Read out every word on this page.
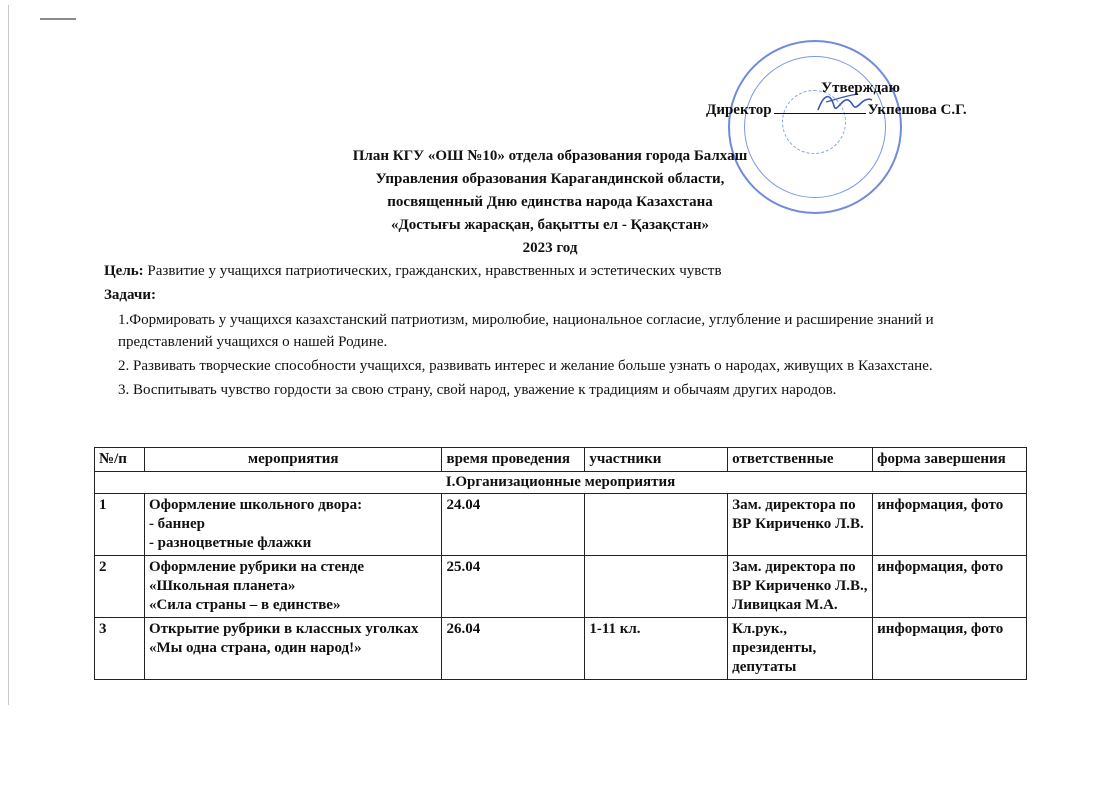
Утверждаю
Директор	Укпешова С.Г.
План КГУ «ОШ №10» отдела образования города Балхаш
Управления образования Карагандинской области,
посвященный Дню единства народа Казахстана
«Достығы жарасқан, бақытты ел - Қазақстан»
2023 год
Цель: Развитие у учащихся патриотических, гражданских, нравственных и эстетических чувств
Задачи:

1.Формировать у учащихся казахстанский патриотизм, миролюбие, национальное согласие, углубление и расширение знаний и представлений учащихся о нашей Родине.

2. Развивать творческие способности учащихся, развивать интерес и желание больше узнать о народах, живущих в Казахстане.

3. Воспитывать чувство гордости за свою страну, свой народ, уважение к традициям и обычаям других народов.

№/п	мероприятия	время проведения	участники	ответственные	форма завершения
I.Организационные мероприятия					
1	Оформление школьного двора:
- баннер
- разноцветные флажки	24.04		Зам. директора по ВР Кириченко Л.В.	информация, фото
2	Оформление рубрики на стенде «Школьная планета»
«Сила страны – в единстве»	25.04		Зам. директора по ВР Кириченко Л.В., Ливицкая М.А.	информация, фото
3	Открытие рубрики в классных уголках
«Мы одна страна, один народ!»	26.04	1-11 кл.	Кл.рук., президенты, депутаты	информация, фото
